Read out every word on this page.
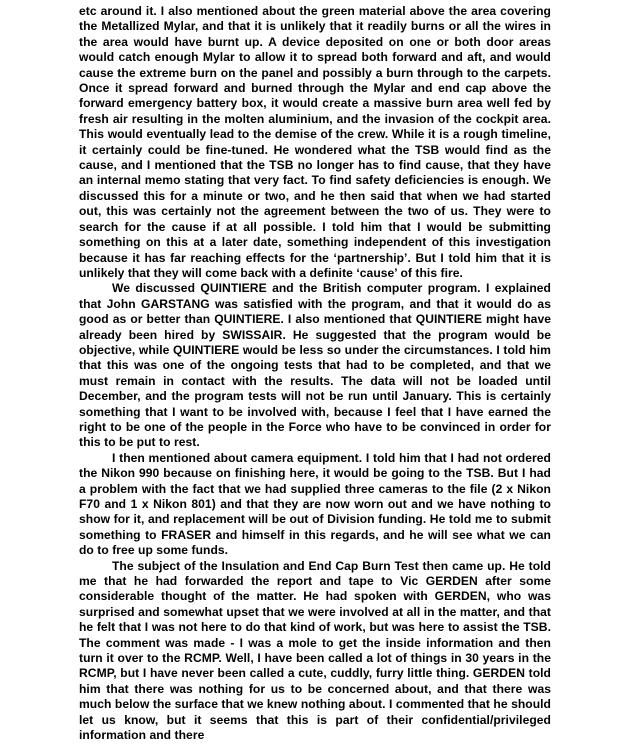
etc around it. I also mentioned about the green material above the area covering the Metallized Mylar, and that it is unlikely that it readily burns or all the wires in the area would have burnt up. A device deposited on one or both door areas would catch enough Mylar to allow it to spread both forward and aft, and would cause the extreme burn on the panel and possibly a burn through to the carpets. Once it spread forward and burned through the Mylar and end cap above the forward emergency battery box, it would create a massive burn area well fed by fresh air resulting in the molten aluminium, and the invasion of the cockpit area. This would eventually lead to the demise of the crew. While it is a rough timeline, it certainly could be fine-tuned. He wondered what the TSB would find as the cause, and I mentioned that the TSB no longer has to find cause, that they have an internal memo stating that very fact. To find safety deficiencies is enough. We discussed this for a minute or two, and he then said that when we had started out, this was certainly not the agreement between the two of us. They were to search for the cause if at all possible. I told him that I would be submitting something on this at a later date, something independent of this investigation because it has far reaching effects for the ‘partnership’. But I told him that it is unlikely that they will come back with a definite ‘cause’ of this fire.

We discussed QUINTIERE and the British computer program. I explained that John GARSTANG was satisfied with the program, and that it would do as good as or better than QUINTIERE. I also mentioned that QUINTIERE might have already been hired by SWISSAIR. He suggested that the program would be objective, while QUINTIERE would be less so under the circumstances. I told him that this was one of the ongoing tests that had to be completed, and that we must remain in contact with the results. The data will not be loaded until December, and the program tests will not be run until January. This is certainly something that I want to be involved with, because I feel that I have earned the right to be one of the people in the Force who have to be convinced in order for this to be put to rest.

I then mentioned about camera equipment. I told him that I had not ordered the Nikon 990 because on finishing here, it would be going to the TSB. But I had a problem with the fact that we had supplied three cameras to the file (2 x Nikon F70 and 1 x Nikon 801) and that they are now worn out and we have nothing to show for it, and replacement will be out of Division funding. He told me to submit something to FRASER and himself in this regards, and he will see what we can do to free up some funds.

The subject of the Insulation and End Cap Burn Test then came up. He told me that he had forwarded the report and tape to Vic GERDEN after some considerable thought of the matter. He had spoken with GERDEN, who was surprised and somewhat upset that we were involved at all in the matter, and that he felt that I was not here to do that kind of work, but was here to assist the TSB. The comment was made - I was a mole to get the inside information and then turn it over to the RCMP. Well, I have been called a lot of things in 30 years in the RCMP, but I have never been called a cute, cuddly, furry little thing. GERDEN told him that there was nothing for us to be concerned about, and that there was much below the surface that we knew nothing about. I commented that he should let us know, but it seems that this is part of their confidential/privileged information and there
